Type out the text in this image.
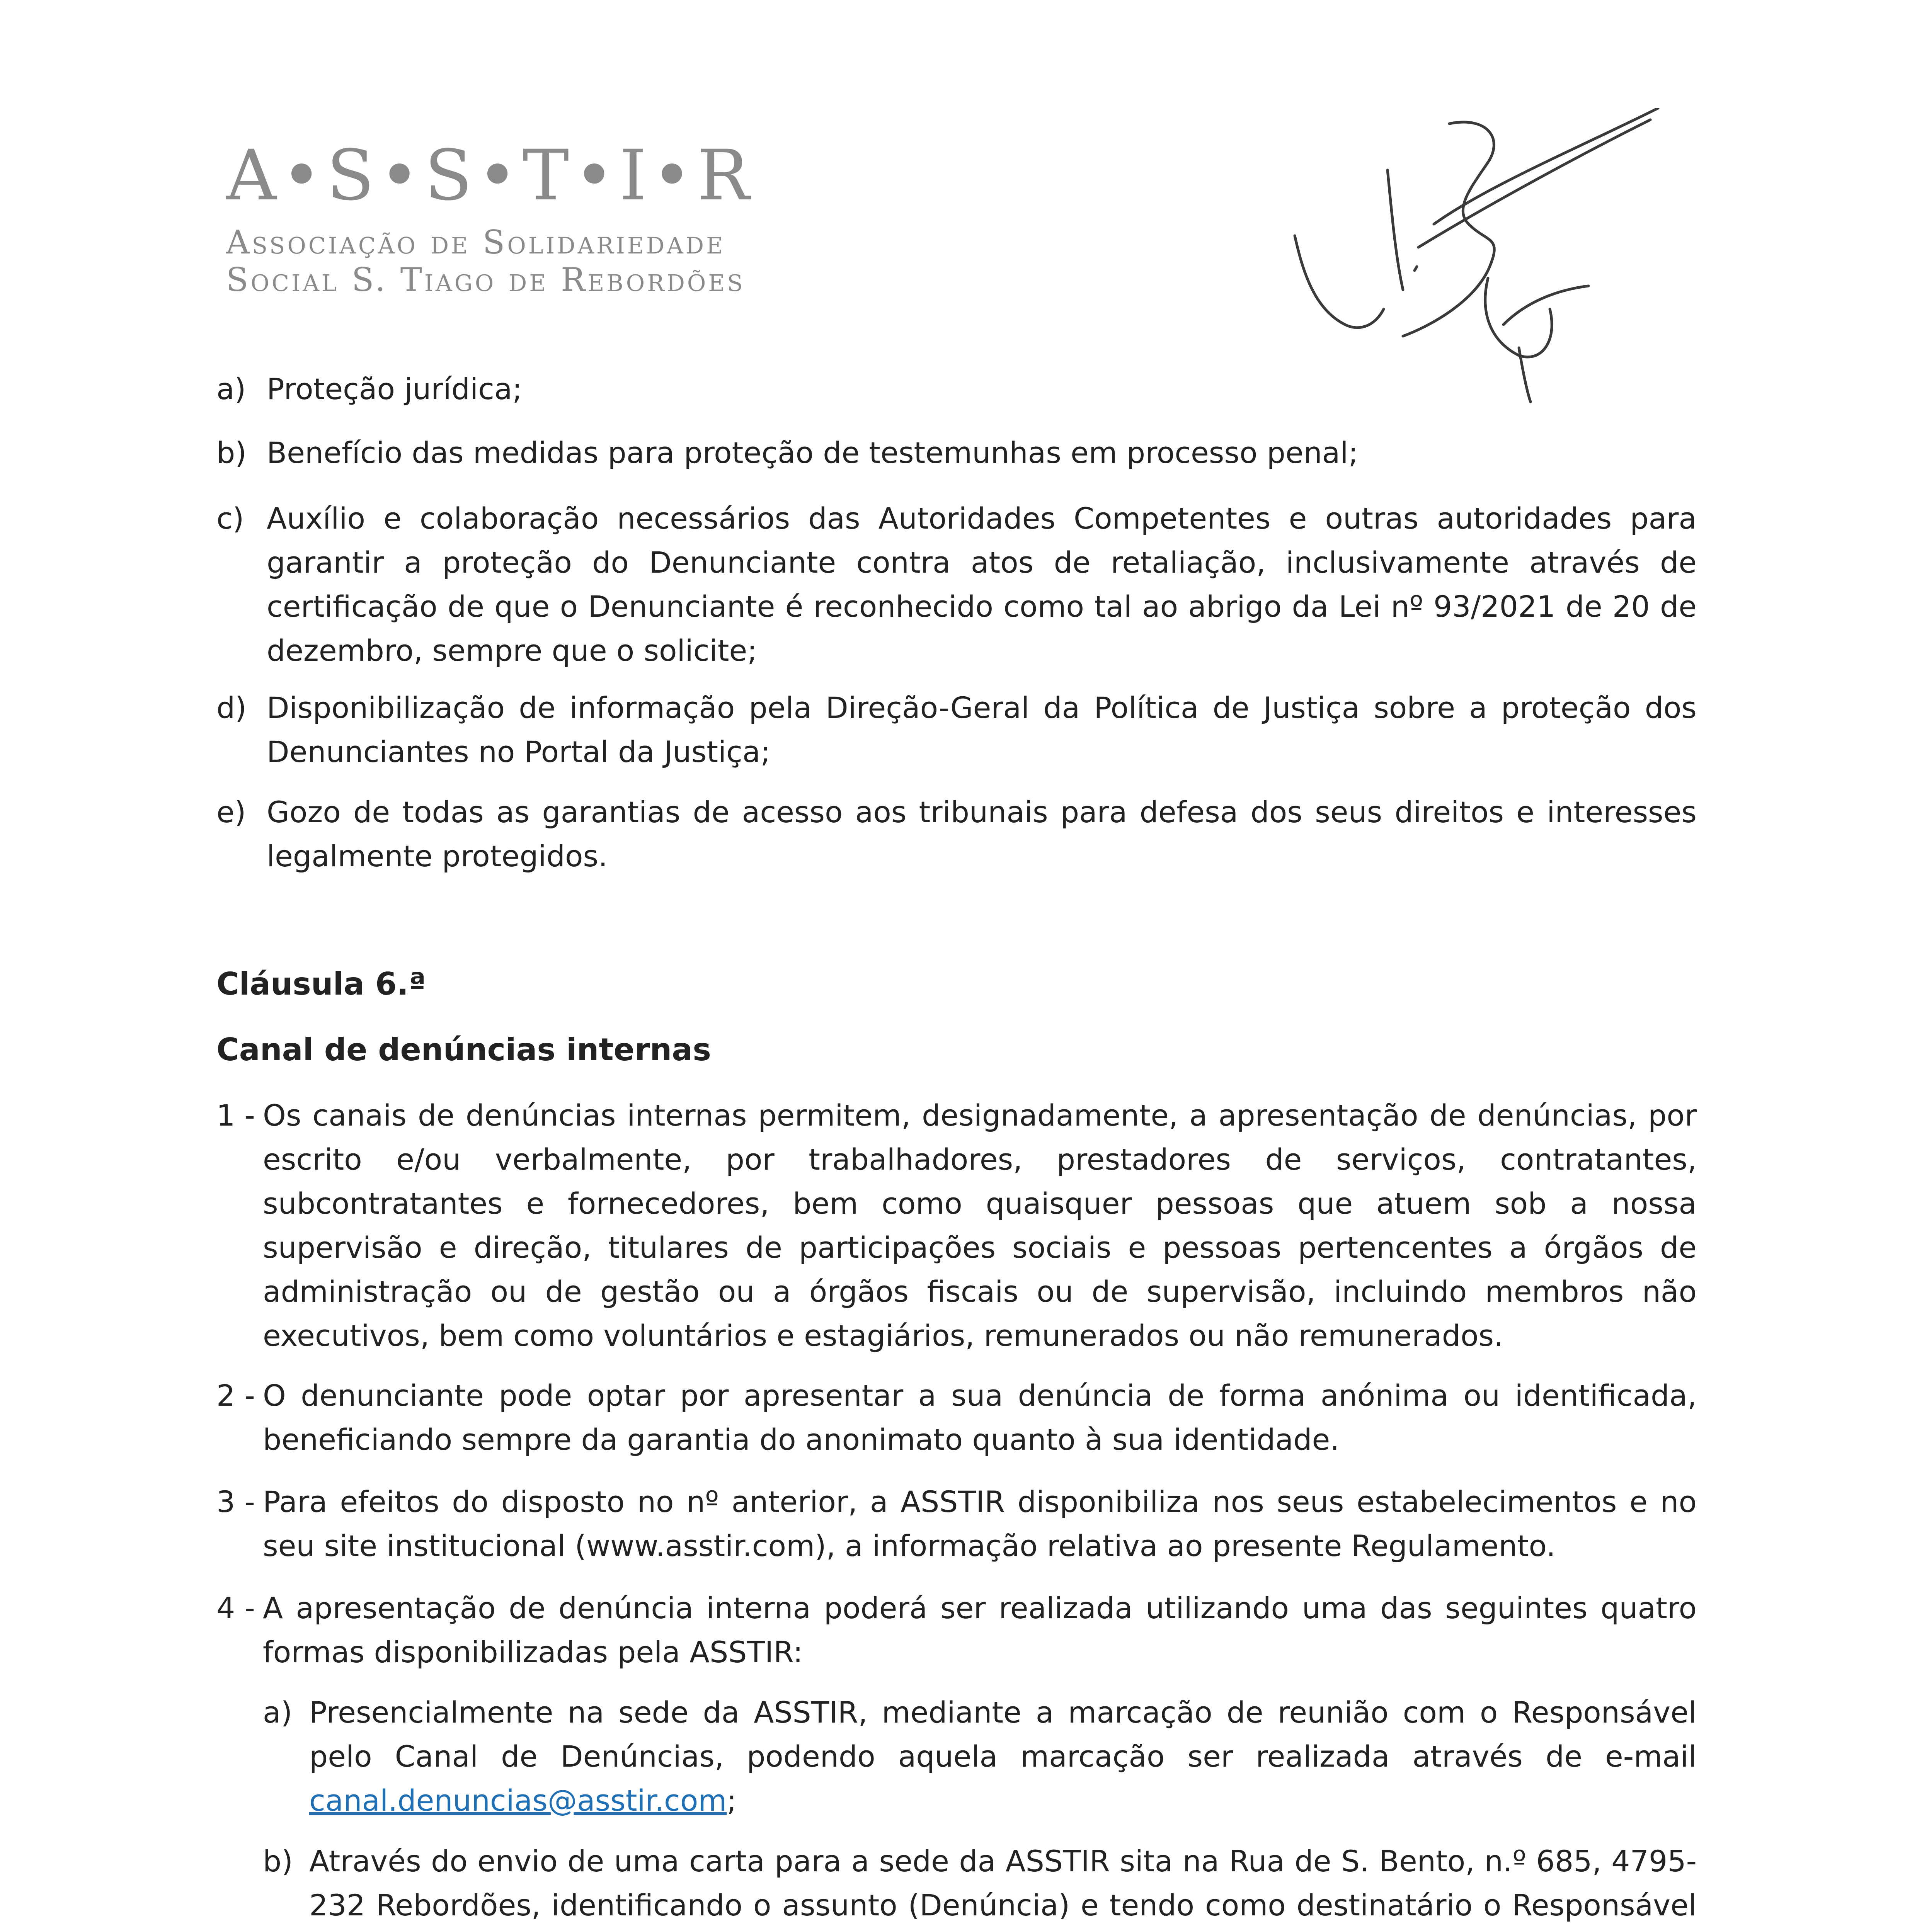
A•S•S•T•I•R
Associação de Solidariedade
Social S. Tiago de Rebordões
a) Proteção jurídica;
b) Benefício das medidas para proteção de testemunhas em processo penal;
c) Auxílio e colaboração necessários das Autoridades Competentes e outras autoridades para garantir a proteção do Denunciante contra atos de retaliação, inclusivamente através de certificação de que o Denunciante é reconhecido como tal ao abrigo da Lei nº 93/2021 de 20 de dezembro, sempre que o solicite;
d) Disponibilização de informação pela Direção-Geral da Política de Justiça sobre a proteção dos Denunciantes no Portal da Justiça;
e) Gozo de todas as garantias de acesso aos tribunais para defesa dos seus direitos e interesses legalmente protegidos.
Cláusula 6.ª
Canal de denúncias internas
1 - Os canais de denúncias internas permitem, designadamente, a apresentação de denúncias, por escrito e/ou verbalmente, por trabalhadores, prestadores de serviços, contratantes, subcontratantes e fornecedores, bem como quaisquer pessoas que atuem sob a nossa supervisão e direção, titulares de participações sociais e pessoas pertencentes a órgãos de administração ou de gestão ou a órgãos fiscais ou de supervisão, incluindo membros não executivos, bem como voluntários e estagiários, remunerados ou não remunerados.
2 - O denunciante pode optar por apresentar a sua denúncia de forma anónima ou identificada, beneficiando sempre da garantia do anonimato quanto à sua identidade.
3 - Para efeitos do disposto no nº anterior, a ASSTIR disponibiliza nos seus estabelecimentos e no seu site institucional (www.asstir.com), a informação relativa ao presente Regulamento.
4 - A apresentação de denúncia interna poderá ser realizada utilizando uma das seguintes quatro formas disponibilizadas pela ASSTIR:
a) Presencialmente na sede da ASSTIR, mediante a marcação de reunião com o Responsável pelo Canal de Denúncias, podendo aquela marcação ser realizada através de e-mail canal.denuncias@asstir.com;
b) Através do envio de uma carta para a sede da ASSTIR sita na Rua de S. Bento, n.º 685, 4795-232 Rebordões, identificando o assunto (Denúncia) e tendo como destinatário o Responsável
